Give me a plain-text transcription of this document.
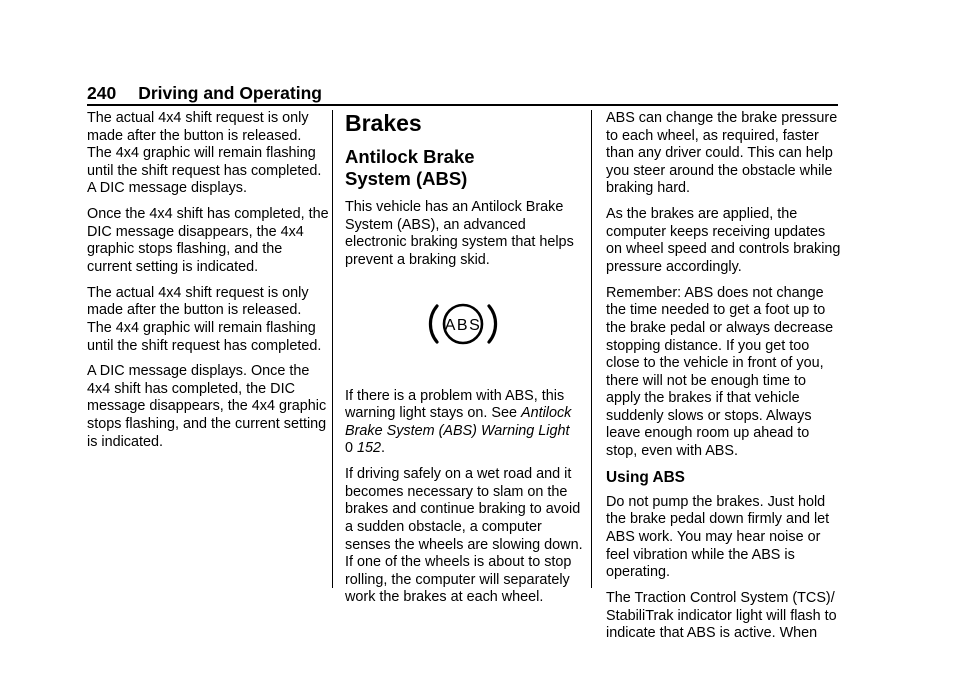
240 Driving and Operating

The actual 4x4 shift request is only made after the button is released. The 4x4 graphic will remain flashing until the shift request has completed. A DIC message displays.

Once the 4x4 shift has completed, the DIC message disappears, the 4x4 graphic stops flashing, and the current setting is indicated.

The actual 4x4 shift request is only made after the button is released. The 4x4 graphic will remain flashing until the shift request has completed.

A DIC message displays. Once the 4x4 shift has completed, the DIC message disappears, the 4x4 graphic stops flashing, and the current setting is indicated.

Brakes
Antilock Brake System (ABS)

This vehicle has an Antilock Brake System (ABS), an advanced electronic braking system that helps prevent a braking skid.

ABS

If there is a problem with ABS, this warning light stays on. See Antilock Brake System (ABS) Warning Light
0 152.

If driving safely on a wet road and it becomes necessary to slam on the brakes and continue braking to avoid a sudden obstacle, a computer senses the wheels are slowing down. If one of the wheels is about to stop rolling, the computer will separately work the brakes at each wheel.

ABS can change the brake pressure to each wheel, as required, faster than any driver could. This can help you steer around the obstacle while braking hard.

As the brakes are applied, the computer keeps receiving updates on wheel speed and controls braking pressure accordingly.

Remember: ABS does not change the time needed to get a foot up to the brake pedal or always decrease stopping distance. If you get too close to the vehicle in front of you, there will not be enough time to apply the brakes if that vehicle suddenly slows or stops. Always leave enough room up ahead to stop, even with ABS.

Using ABS

Do not pump the brakes. Just hold the brake pedal down firmly and let ABS work. You may hear noise or feel vibration while the ABS is operating.

The Traction Control System (TCS)/ StabiliTrak indicator light will flash to indicate that ABS is active. When
